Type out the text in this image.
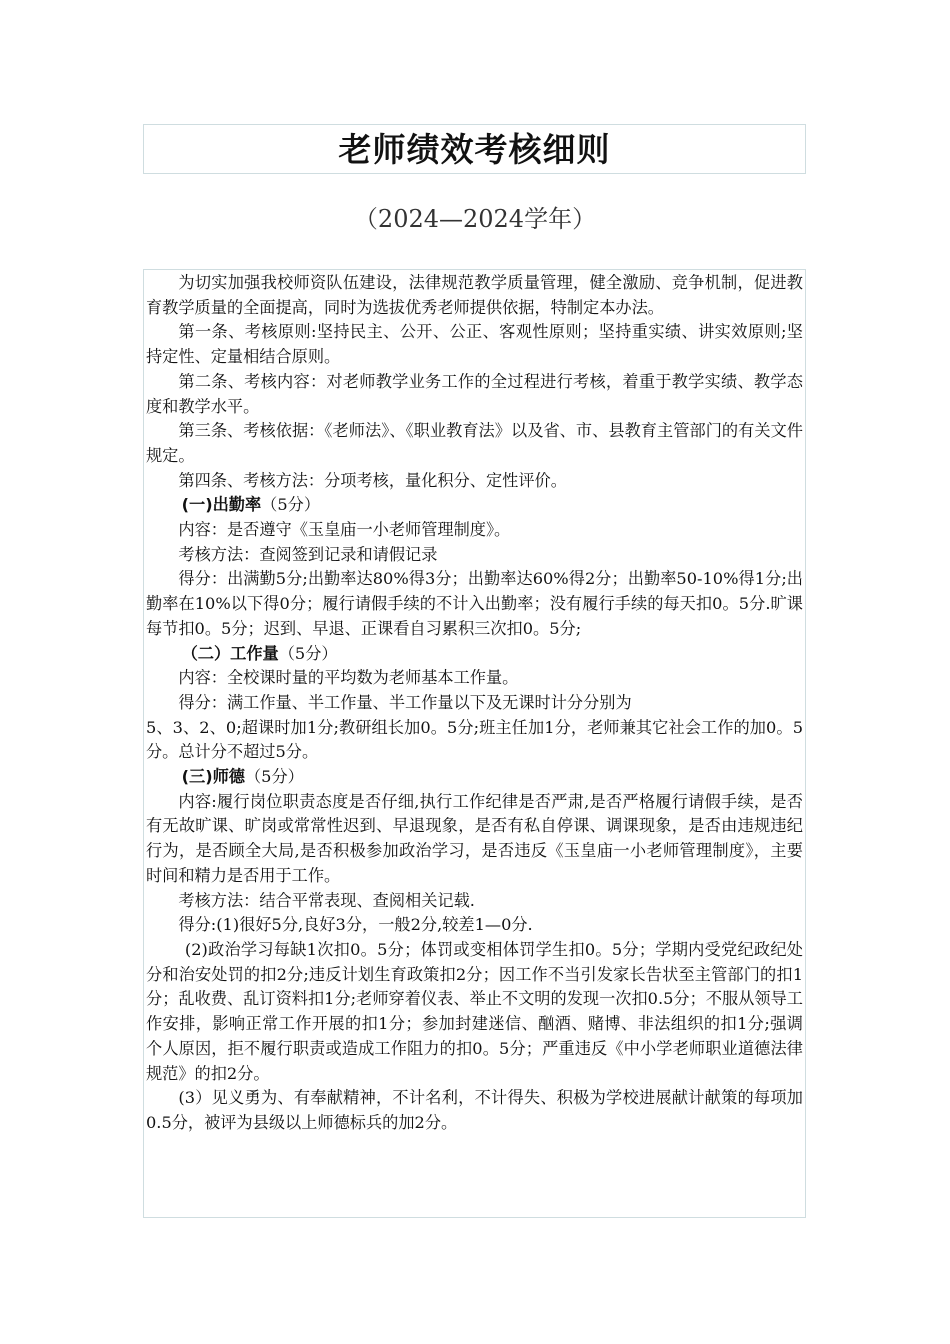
老师绩效考核细则

（2024—2024学年）

为切实加强我校师资队伍建设，法律规范教学质量管理，健全激励、竞争机制，促进教育教学质量的全面提高，同时为选拔优秀老师提供依据，特制定本办法。

第一条、考核原则:坚持民主、公开、公正、客观性原则；坚持重实绩、讲实效原则;坚持定性、定量相结合原则。

第二条、考核内容：对老师教学业务工作的全过程进行考核，着重于教学实绩、教学态度和教学水平。

第三条、考核依据：《老师法》、《职业教育法》以及省、市、县教育主管部门的有关文件规定。

第四条、考核方法：分项考核，量化积分、定性评价。

(一)出勤率（5分）

内容：是否遵守《玉皇庙一小老师管理制度》。

考核方法：查阅签到记录和请假记录

得分：出满勤5分;出勤率达80%得3分；出勤率达60%得2分；出勤率50-10%得1分;出勤率在10%以下得0分；履行请假手续的不计入出勤率；没有履行手续的每天扣0。5分.旷课每节扣0。5分；迟到、早退、正课看自习累积三次扣0。5分;

（二）工作量（5分）

内容：全校课时量的平均数为老师基本工作量。

得分：满工作量、半工作量、半工作量以下及无课时计分分别为

5、3、2、0;超课时加1分;教研组长加0。5分;班主任加1分，老师兼其它社会工作的加0。5分。总计分不超过5分。

(三)师德（5分）

内容:履行岗位职责态度是否仔细,执行工作纪律是否严肃,是否严格履行请假手续，是否有无故旷课、旷岗或常常性迟到、早退现象，是否有私自停课、调课现象，是否由违规违纪行为，是否顾全大局,是否积极参加政治学习，是否违反《玉皇庙一小老师管理制度》，主要时间和精力是否用于工作。

考核方法：结合平常表现、查阅相关记载.

得分:(1)很好5分,良好3分，一般2分,较差1—0分.

(2)政治学习每缺1次扣0。5分；体罚或变相体罚学生扣0。5分；学期内受党纪政纪处分和治安处罚的扣2分;违反计划生育政策扣2分；因工作不当引发家长告状至主管部门的扣1分；乱收费、乱订资料扣1分;老师穿着仪表、举止不文明的发现一次扣0.5分；不服从领导工作安排，影响正常工作开展的扣1分；参加封建迷信、酗酒、赌博、非法组织的扣1分;强调个人原因，拒不履行职责或造成工作阻力的扣0。5分；严重违反《中小学老师职业道德法律规范》的扣2分。

(3）见义勇为、有奉献精神，不计名利，不计得失、积极为学校进展献计献策的每项加0.5分，被评为县级以上师德标兵的加2分。
